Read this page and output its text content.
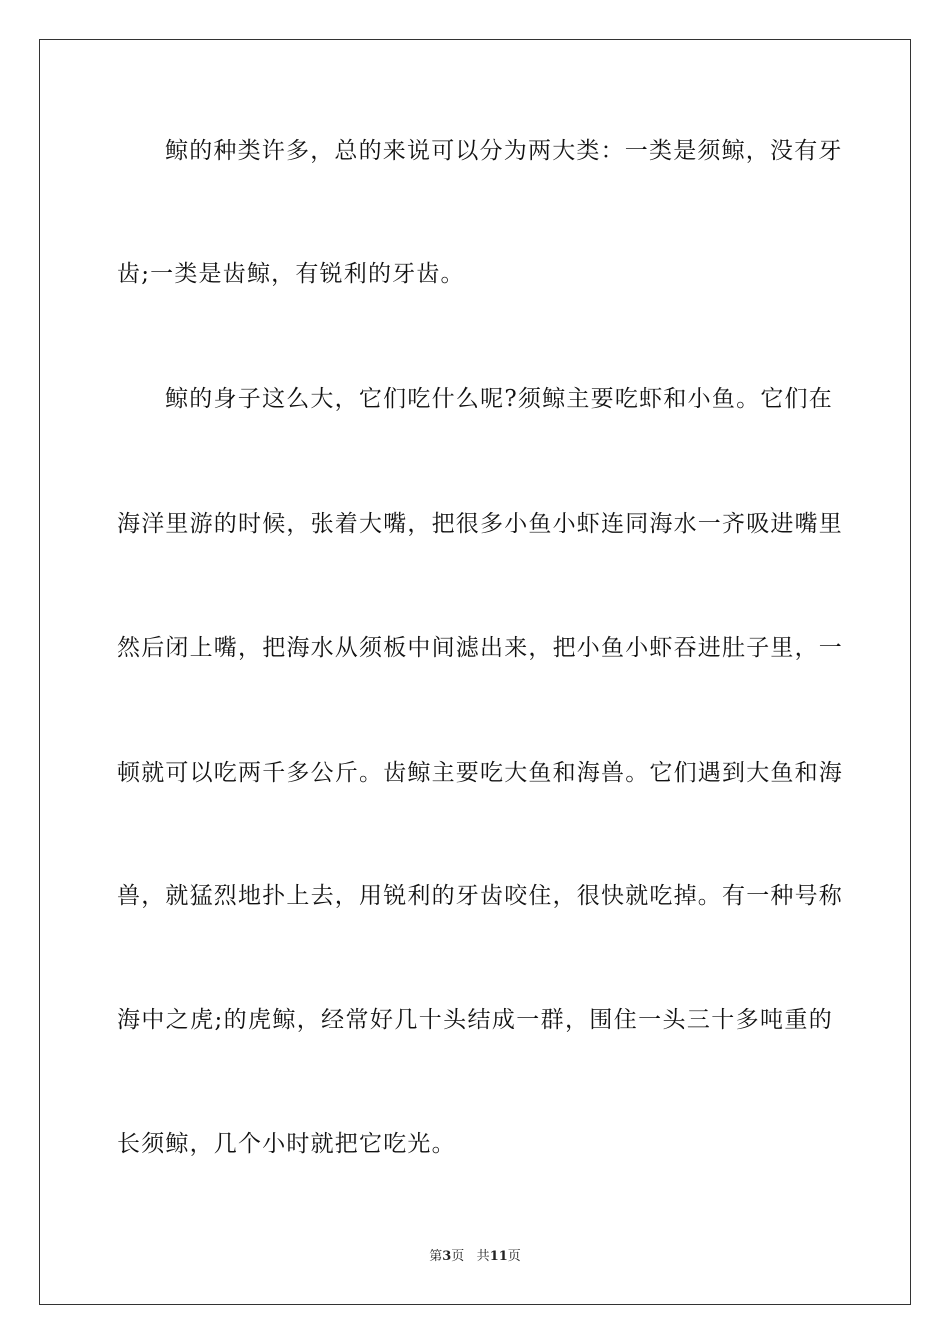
鲸的种类许多，总的来说可以分为两大类：一类是须鲸，没有牙
齿;一类是齿鲸，有锐利的牙齿。
鲸的身子这么大，它们吃什么呢?须鲸主要吃虾和小鱼。它们在
海洋里游的时候，张着大嘴，把很多小鱼小虾连同海水一齐吸进嘴里
然后闭上嘴，把海水从须板中间滤出来，把小鱼小虾吞进肚子里，一
顿就可以吃两千多公斤。齿鲸主要吃大鱼和海兽。它们遇到大鱼和海
兽，就猛烈地扑上去，用锐利的牙齿咬住，很快就吃掉。有一种号称
海中之虎;的虎鲸，经常好几十头结成一群，围住一头三十多吨重的
长须鲸，几个小时就把它吃光。
第3页 共11页
